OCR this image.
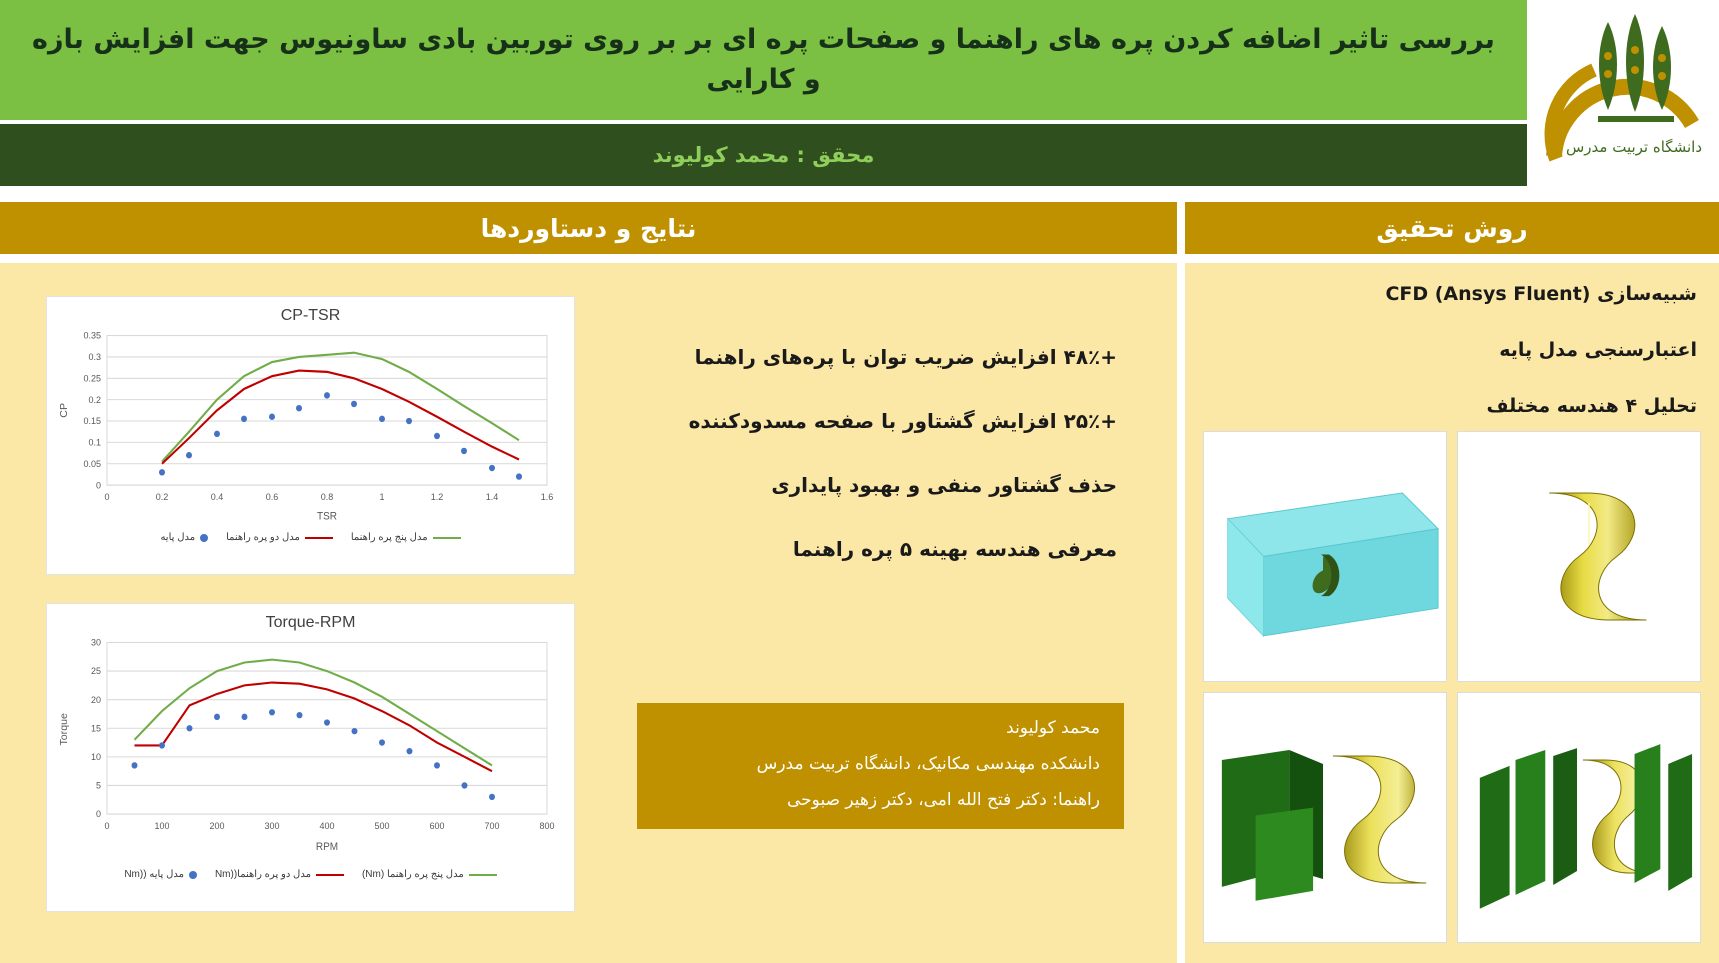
بررسی تاثیر اضافه کردن پره های راهنما و صفحات پره ای بر بر روی توربین بادی ساونیوس جهت افزایش بازه و کارایی
محقق : محمد کولیوند	دانشگاه تربیت مدرس
نتایج و دستاوردها	روش تحقیق
CP-TSR
0.35
0.3
0.25
0.2
0.15
0.1
0.05
0
0	0.2	0.4	0.6	0.8	1	1.2	1.4	1.6
TSR
CP
مدل پنج پره راهنما
مدل دو پره راهنما
مدل پایه
Torque-RPM
30
25
20
15
10
5
0
0	100	200	300	400	500	600	700	800
RPM
Torque
مدل پنج پره راهنما (Nm)
مدل دو پره راهنما((Nm
مدل پایه ((Nm
+۴۸٪ افزایش ضریب توان با پره‌های راهنما
+۲۵٪ افزایش گشتاور با صفحه مسدودکننده
حذف گشتاور منفی و بهبود پایداری
معرفی هندسه بهینه ۵ پره راهنما
محمد کولیوند
دانشکده مهندسی مکانیک، دانشگاه تربیت مدرس
راهنما: دکتر فتح الله امی، دکتر زهیر صبوحی
شبیه‌سازی CFD (Ansys Fluent)
اعتبارسنجی مدل پایه
تحلیل ۴ هندسه مختلف
